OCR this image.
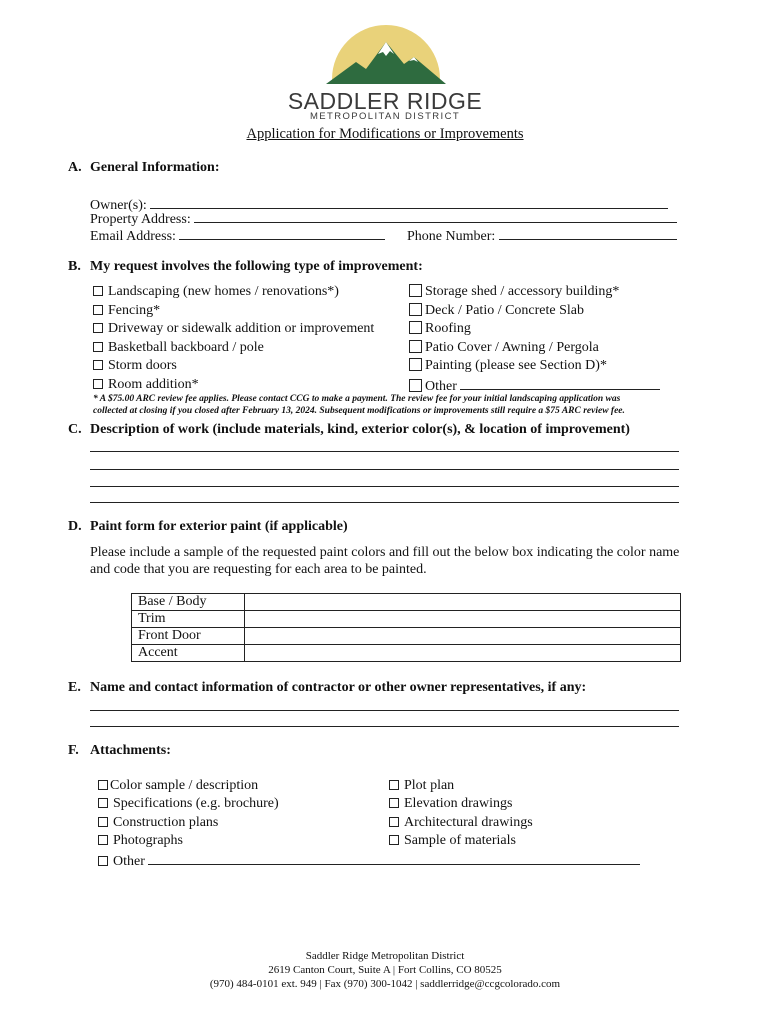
SADDLER RIDGE
METROPOLITAN DISTRICT
Application for Modifications or Improvements
A. General Information:
Owner(s):
Property Address:
Email Address:	Phone Number:
B. My request involves the following type of improvement:
Landscaping (new homes / renovations*)
Fencing*
Driveway or sidewalk addition or improvement
Basketball backboard / pole
Storm doors
Room addition*
Storage shed / accessory building*
Deck / Patio / Concrete Slab
Roofing
Patio Cover / Awning / Pergola
Painting (please see Section D)*
Other
* A $75.00 ARC review fee applies. Please contact CCG to make a payment. The review fee for your initial landscaping application was
collected at closing if you closed after February 13, 2024. Subsequent modifications or improvements still require a $75 ARC review fee.
C. Description of work (include materials, kind, exterior color(s), & location of improvement)
D. Paint form for exterior paint (if applicable)
Please include a sample of the requested paint colors and fill out the below box indicating the color name
and code that you are requesting for each area to be painted.
Base / Body	
Trim	
Front Door	
Accent	
E. Name and contact information of contractor or other owner representatives, if any:
F. Attachments:
Color sample / description
Specifications (e.g. brochure)
Construction plans
Photographs
Other
Plot plan
Elevation drawings
Architectural drawings
Sample of materials
Saddler Ridge Metropolitan District
2619 Canton Court, Suite A | Fort Collins, CO 80525
(970) 484-0101 ext. 949 | Fax (970) 300-1042 | saddlerridge@ccgcolorado.com
